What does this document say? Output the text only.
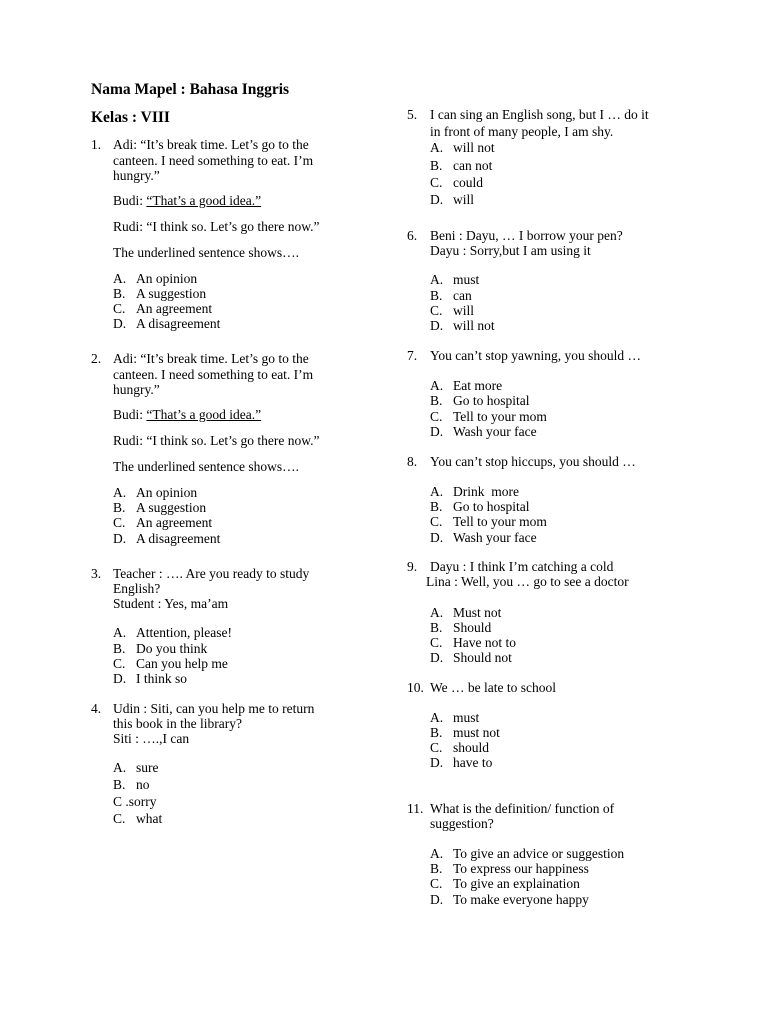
Nama Mapel : Bahasa Inggris
Kelas : VIII
1. Adi: “It’s break time. Let’s go to the
canteen. I need something to eat. I’m
hungry.”
Budi: “That’s a good idea.”
Rudi: “I think so. Let’s go there now.”
The underlined sentence shows….
A. An opinion
B. A suggestion
C. An agreement
D. A disagreement
2. Adi: “It’s break time. Let’s go to the
canteen. I need something to eat. I’m
hungry.”
Budi: “That’s a good idea.”
Rudi: “I think so. Let’s go there now.”
The underlined sentence shows….
A. An opinion
B. A suggestion
C. An agreement
D. A disagreement
3. Teacher : …. Are you ready to study
English?
Student : Yes, ma’am
A. Attention, please!
B. Do you think
C. Can you help me
D. I think so
4. Udin : Siti, can you help me to return
this book in the library?
Siti : ….,I can
A. sure
B. no
C .sorry
C. what
5. I can sing an English song, but I … do it
in front of many people, I am shy.
A. will not
B. can not
C. could
D. will
6. Beni : Dayu, … I borrow your pen?
Dayu : Sorry,but I am using it
A. must
B. can
C. will
D. will not
7. You can’t stop yawning, you should …
A. Eat more
B. Go to hospital
C. Tell to your mom
D. Wash your face
8. You can’t stop hiccups, you should …
A. Drink  more
B. Go to hospital
C. Tell to your mom
D. Wash your face
9. Dayu : I think I’m catching a cold
Lina : Well, you … go to see a doctor
A. Must not
B. Should
C. Have not to
D. Should not
10. We … be late to school
A. must
B. must not
C. should
D. have to
11. What is the definition/ function of
suggestion?
A. To give an advice or suggestion
B. To express our happiness
C. To give an explaination
D. To make everyone happy
